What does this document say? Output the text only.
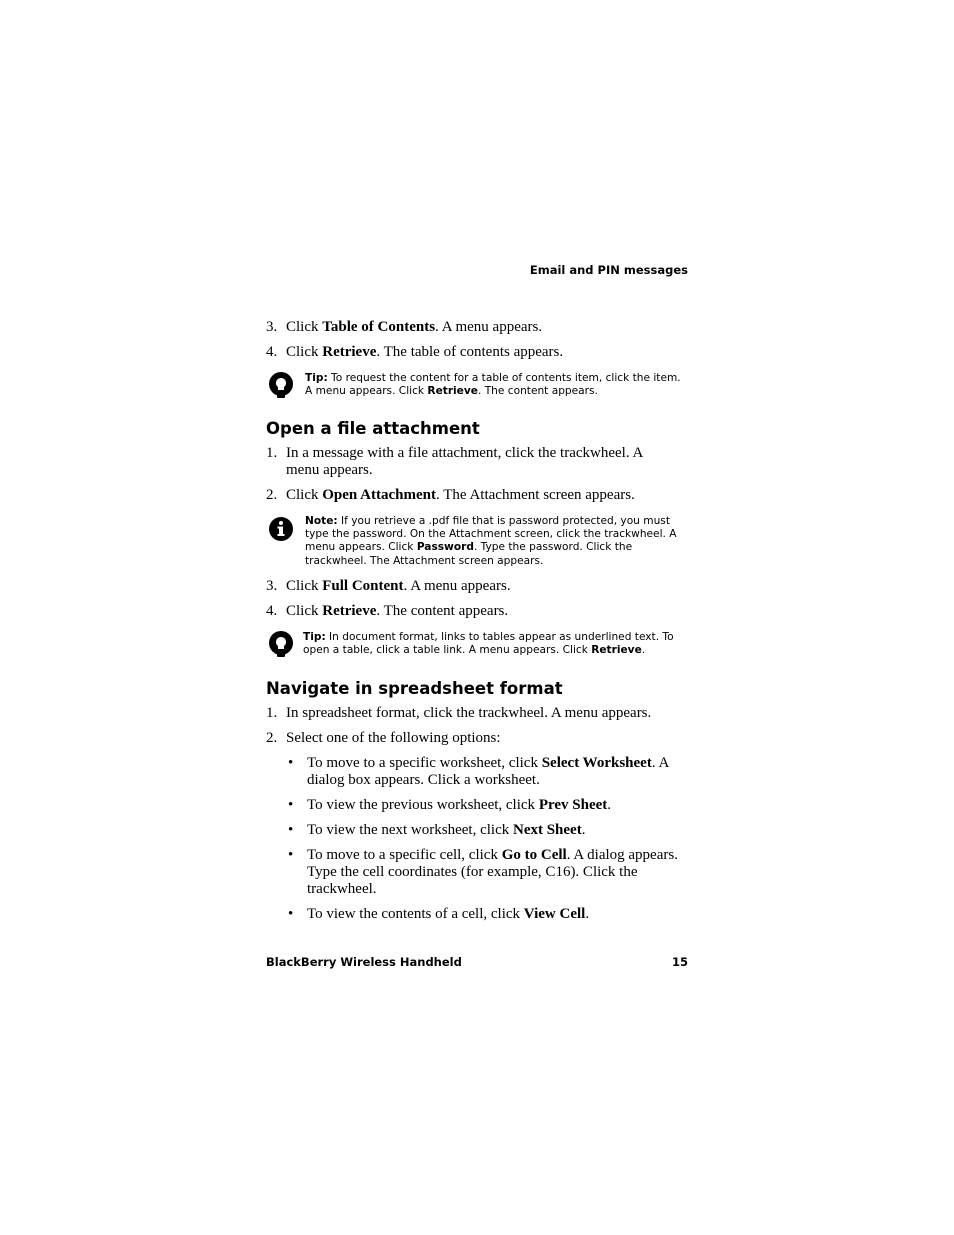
Email and PIN messages
3. Click Table of Contents. A menu appears.
4. Click Retrieve. The table of contents appears.
Tip: To request the content for a table of contents item, click the item. A menu appears. Click Retrieve. The content appears.
Open a file attachment
1. In a message with a file attachment, click the trackwheel. A menu appears.
2. Click Open Attachment. The Attachment screen appears.
Note: If you retrieve a .pdf file that is password protected, you must type the password. On the Attachment screen, click the trackwheel. A menu appears. Click Password. Type the password. Click the trackwheel. The Attachment screen appears.
3. Click Full Content. A menu appears.
4. Click Retrieve. The content appears.
Tip: In document format, links to tables appear as underlined text. To open a table, click a table link. A menu appears. Click Retrieve.
Navigate in spreadsheet format
1. In spreadsheet format, click the trackwheel. A menu appears.
2. Select one of the following options:
• To move to a specific worksheet, click Select Worksheet. A dialog box appears. Click a worksheet.
• To view the previous worksheet, click Prev Sheet.
• To view the next worksheet, click Next Sheet.
• To move to a specific cell, click Go to Cell. A dialog appears. Type the cell coordinates (for example, C16). Click the trackwheel.
• To view the contents of a cell, click View Cell.
BlackBerry Wireless Handheld	15
